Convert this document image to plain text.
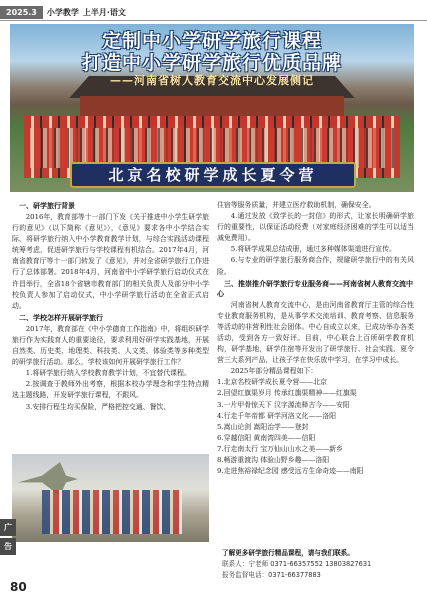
2025.3	小学教学 上半月·语文
定制中小学研学旅行课程
打造中小学研学旅行优质品牌
——河南省树人教育交流中心发展侧记
北京名校研学成长夏令营
一、研学旅行背景

2016年，教育部等十一部门下发《关于推进中小学生研学旅行的意见》（以下简称《意见》），《意见》要求各中小学结合实际，将研学旅行纳入中小学教育教学计划，与综合实践活动课程统筹考虑，促进研学旅行与学校课程有机结合。2017年4月，河南省教育厅等十一部门转发了《意见》，并对全省研学旅行工作进行了总体部署。2018年4月，河南省中小学研学旅行启动仪式在许昌举行，全省18个省辖市教育部门的相关负责人及部分中小学校负责人参加了启动仪式，中小学研学旅行活动在全省正式启动。

二、学校怎样开展研学旅行

2017年，教育部在《中小学德育工作指南》中，将组织研学旅行作为实践育人的重要途径，要求利用好研学实践基地，开展自然类、历史类、地理类、科技类、人文类、体验类等多种类型的研学旅行活动。那么，学校该如何开展研学旅行工作？

1.将研学旅行纳入学校教育教学计划，不宜替代课程。

2.按调查于教师外出考察，根据本校办学理念和学生特点精选主题线路，开发研学旅行课程，不跟风。

3.安排行程生均买保险，严格把控交通、餐饮、

住宿等服务质量，并建立医疗救助机制，确保安全。

4.通过发放《致学长的一封信》的形式，让家长明确研学旅行的重要性，以保证活动经费（对家庭经济困难的学生可以适当减免费用）。

5.将研学成果总结成册，通过多种媒体渠道进行宣传。

6.与专业的研学旅行服务商合作，规避研学旅行中的有关风险。

三、推崇推介研学旅行专业服务商——河南省树人教育交流中心

河南省树人教育交流中心，是由河南省教育厅主管的综合性专业教育服务机构，是从事学术交流培训、教育考察、信息服务等活动的非营利性社会团体。中心自成立以来，已成功举办各类活动，受到各方一致好评。目前，中心联合上百所研学教育机构，研学基地，研学住宿等开发出了研学旅行、社会实践、夏令营三大系列产品，让孩子学在快乐放中学习，在学习中成长。

2025年部分精品课程如下：

1.北京名校研学成长夏令营——北京

2.回望红旗渠岁月 传承红旗渠精神——红旗渠

3.一片甲骨惊天下 汉字源流释古今——安阳

4.行走千年帝都 研学河洛文化——洛阳

5.嵩山论剑 嵩阳治学——登封

6.穿越信阳 黄南湾四美——信阳

7.行走南太行 宝万仙山山水之美——新乡

8.畅游重渡沟 体验山野乡趣——洛阳

9.走进焦裕禄纪念园 感受远方生命奇迹——南阳

了解更多研学旅行精品课程，请与我们联系。
联系人：宁老师 0371-66357552 13803827631
报务监督电话：0371-66377883
广
告
80
